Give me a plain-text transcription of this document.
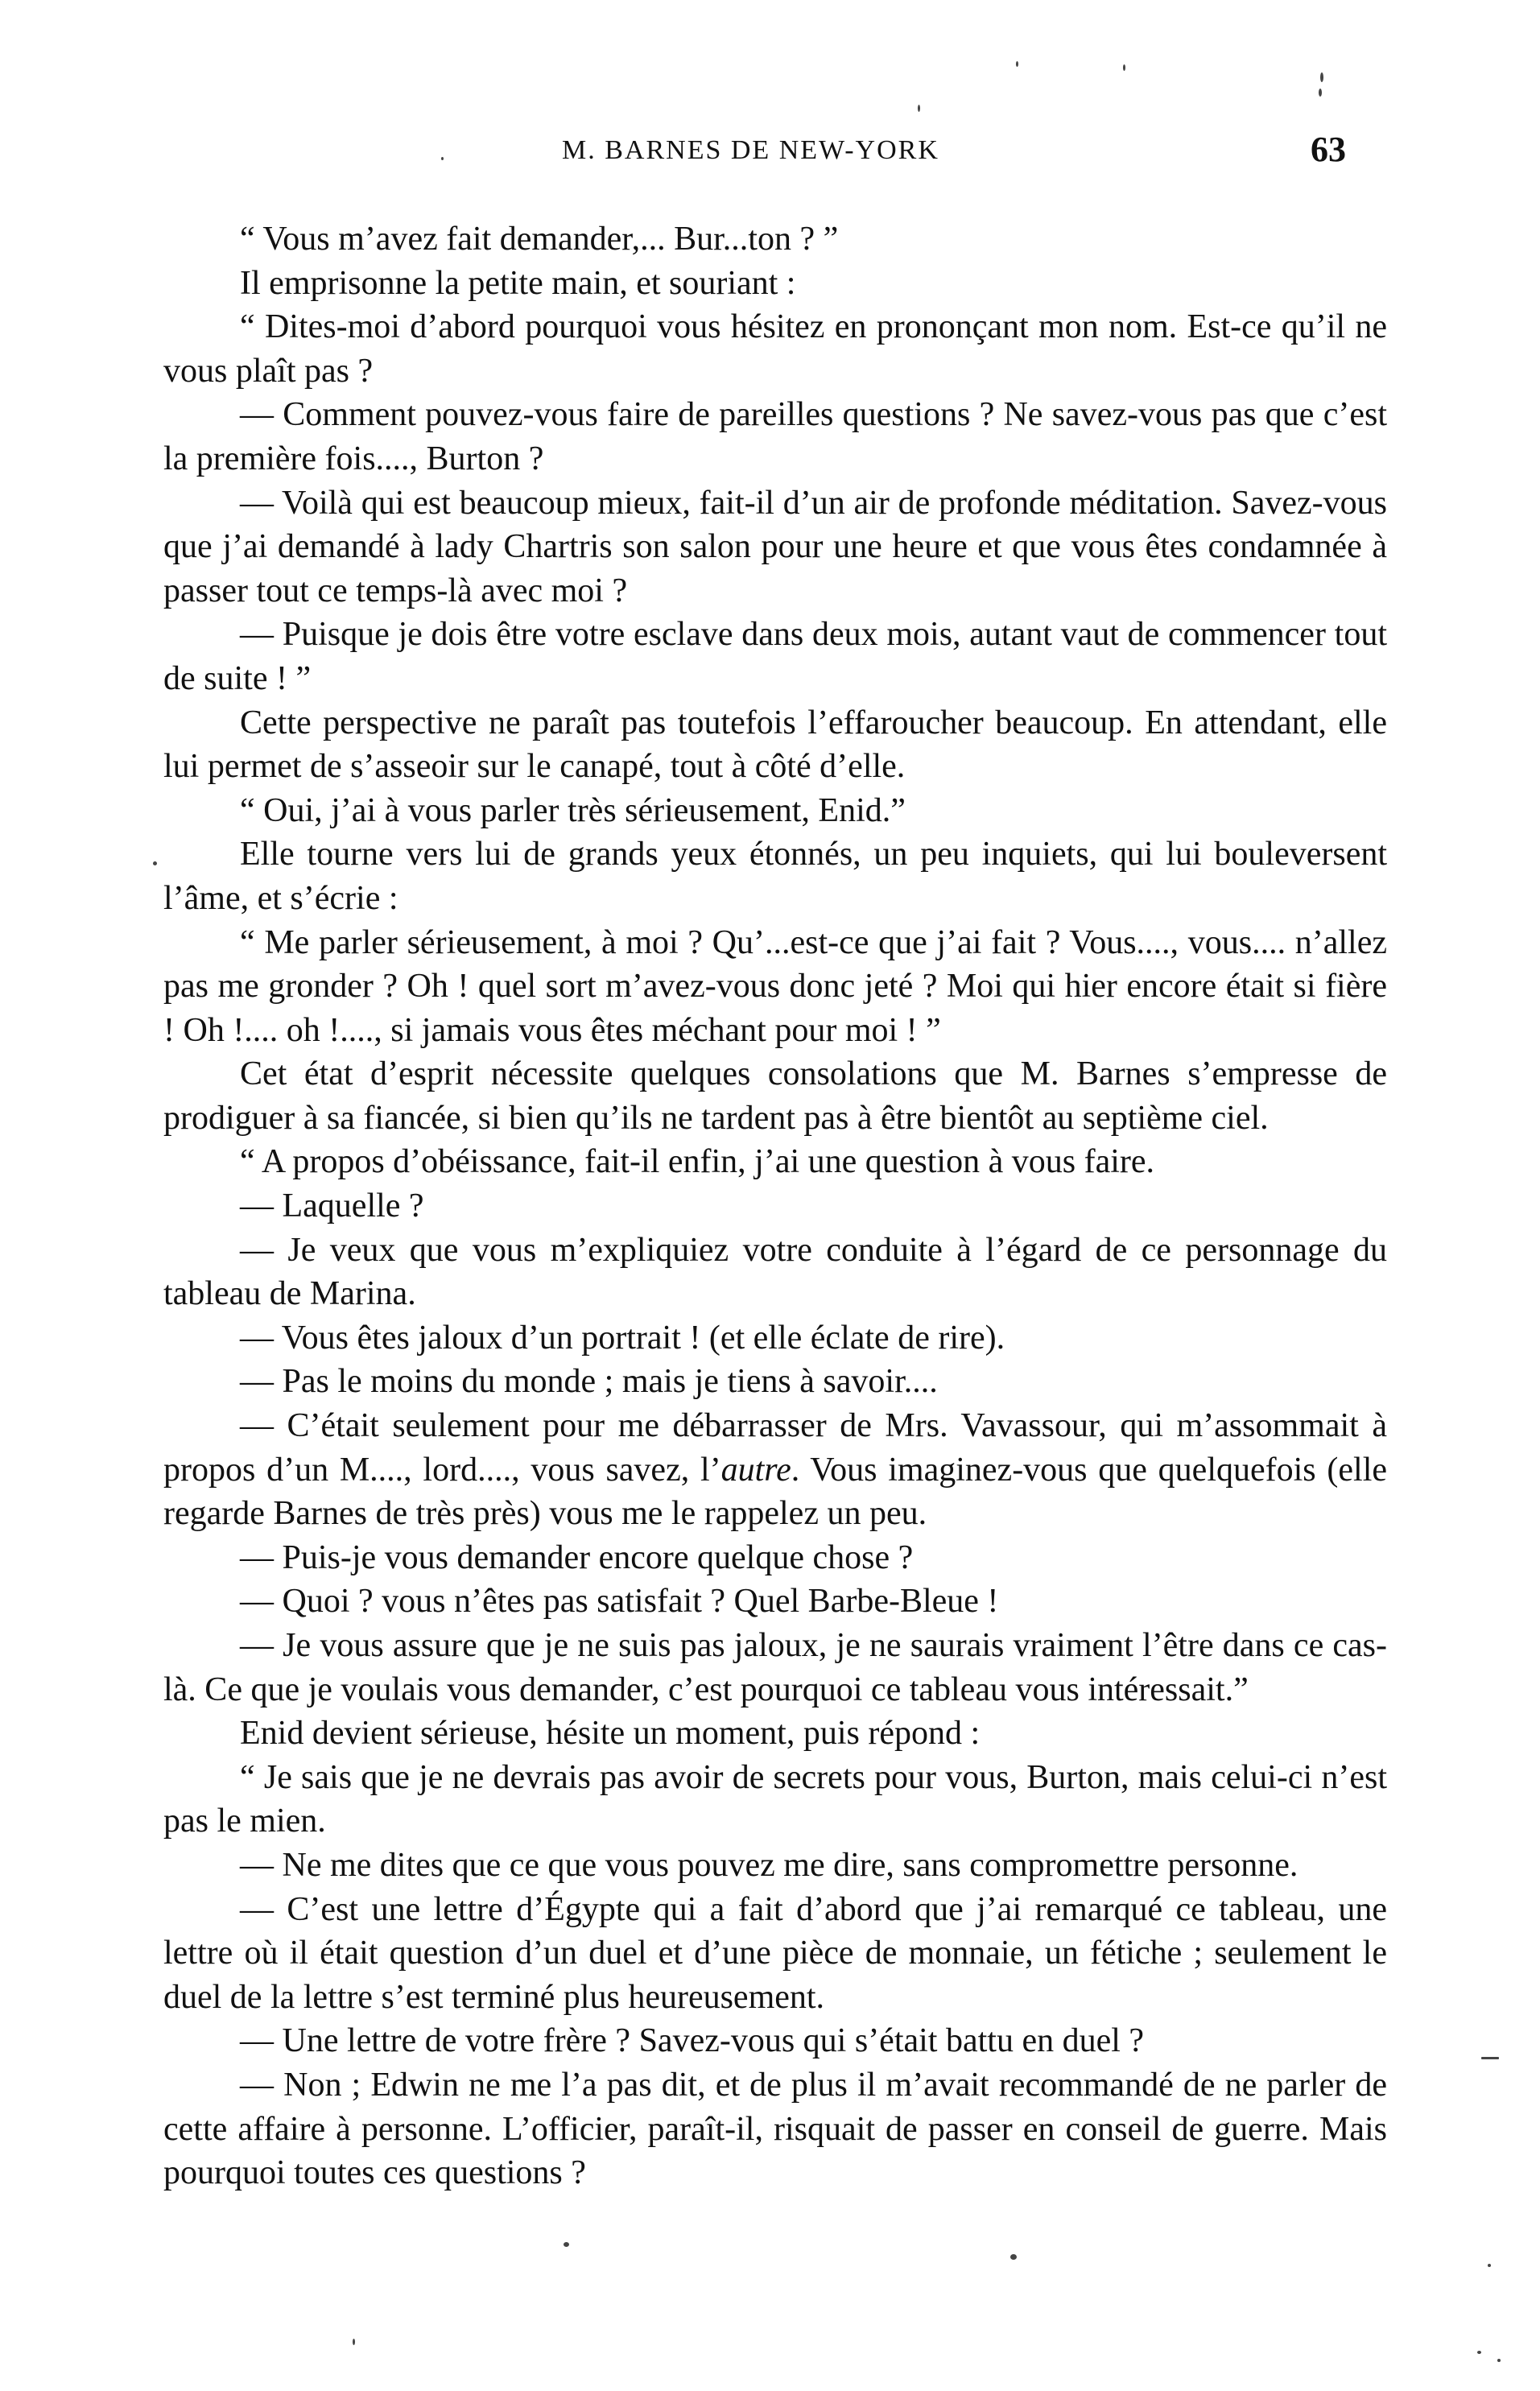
M. BARNES DE NEW-YORK	63

“ Vous m’avez fait demander,... Bur...ton ? ”

Il emprisonne la petite main, et souriant :

“ Dites-moi d’abord pourquoi vous hésitez en prononçant mon nom. Est-ce qu’il ne vous plaît pas ?

— Comment pouvez-vous faire de pareilles questions ? Ne savez-vous pas que c’est la première fois...., Burton ?

— Voilà qui est beaucoup mieux, fait-il d’un air de profonde méditation. Savez-vous que j’ai demandé à lady Chartris son salon pour une heure et que vous êtes condamnée à passer tout ce temps-là avec moi ?

— Puisque je dois être votre esclave dans deux mois, autant vaut de commencer tout de suite ! ”

Cette perspective ne paraît pas toutefois l’effaroucher beaucoup. En attendant, elle lui permet de s’asseoir sur le canapé, tout à côté d’elle.

“ Oui, j’ai à vous parler très sérieusement, Enid.”

Elle tourne vers lui de grands yeux étonnés, un peu inquiets, qui lui bouleversent l’âme, et s’écrie :

“ Me parler sérieusement, à moi ? Qu’...est-ce que j’ai fait ? Vous...., vous.... n’allez pas me gronder ? Oh ! quel sort m’avez-vous donc jeté ? Moi qui hier encore était si fière ! Oh !.... oh !...., si jamais vous êtes méchant pour moi ! ”

Cet état d’esprit nécessite quelques consolations que M. Barnes s’empresse de prodiguer à sa fiancée, si bien qu’ils ne tardent pas à être bientôt au septième ciel.

“ A propos d’obéissance, fait-il enfin, j’ai une question à vous faire.

— Laquelle ?

— Je veux que vous m’expliquiez votre conduite à l’égard de ce personnage du tableau de Marina.

— Vous êtes jaloux d’un portrait ! (et elle éclate de rire).

— Pas le moins du monde ; mais je tiens à savoir....

— C’était seulement pour me débarrasser de Mrs. Vavassour, qui m’assommait à propos d’un M...., lord...., vous savez, l’autre. Vous imaginez-vous que quelquefois (elle regarde Barnes de très près) vous me le rappelez un peu.

— Puis-je vous demander encore quelque chose ?

— Quoi ? vous n’êtes pas satisfait ? Quel Barbe-Bleue !

— Je vous assure que je ne suis pas jaloux, je ne saurais vraiment l’être dans ce cas-là. Ce que je voulais vous demander, c’est pourquoi ce tableau vous intéressait.”

Enid devient sérieuse, hésite un moment, puis répond :

“ Je sais que je ne devrais pas avoir de secrets pour vous, Burton, mais celui-ci n’est pas le mien.

— Ne me dites que ce que vous pouvez me dire, sans compromettre personne.

— C’est une lettre d’Égypte qui a fait d’abord que j’ai remarqué ce tableau, une lettre où il était question d’un duel et d’une pièce de monnaie, un fétiche ; seulement le duel de la lettre s’est terminé plus heureusement.

— Une lettre de votre frère ? Savez-vous qui s’était battu en duel ?

— Non ; Edwin ne me l’a pas dit, et de plus il m’avait recommandé de ne parler de cette affaire à personne. L’officier, paraît-il, risquait de passer en conseil de guerre. Mais pourquoi toutes ces questions ?
